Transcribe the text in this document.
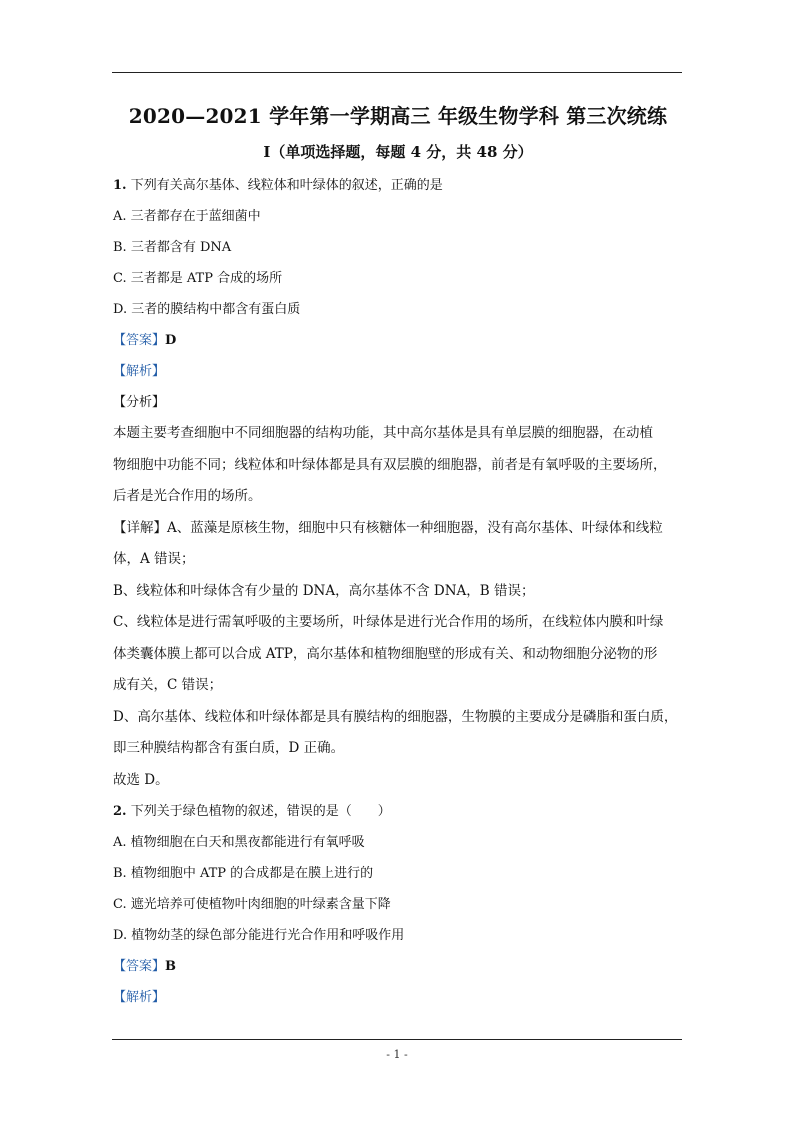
2020—2021 学年第一学期高三 年级生物学科 第三次统练
Ⅰ（单项选择题，每题 4 分，共 48 分）

1. 下列有关高尔基体、线粒体和叶绿体的叙述，正确的是

A. 三者都存在于蓝细菌中

B. 三者都含有 DNA

C. 三者都是 ATP 合成的场所

D. 三者的膜结构中都含有蛋白质

【答案】D

【解析】

【分析】

本题主要考查细胞中不同细胞器的结构功能，其中高尔基体是具有单层膜的细胞器，在动植

物细胞中功能不同；线粒体和叶绿体都是具有双层膜的细胞器，前者是有氧呼吸的主要场所，

后者是光合作用的场所。

【详解】A、蓝藻是原核生物，细胞中只有核糖体一种细胞器，没有高尔基体、叶绿体和线粒

体，A 错误；

B、线粒体和叶绿体含有少量的 DNA，高尔基体不含 DNA，B 错误；

C、线粒体是进行需氧呼吸的主要场所，叶绿体是进行光合作用的场所，在线粒体内膜和叶绿

体类囊体膜上都可以合成 ATP，高尔基体和植物细胞壁的形成有关、和动物细胞分泌物的形

成有关，C 错误；

D、高尔基体、线粒体和叶绿体都是具有膜结构的细胞器，生物膜的主要成分是磷脂和蛋白质，

即三种膜结构都含有蛋白质，D 正确。

故选 D。

2. 下列关于绿色植物的叙述，错误的是（　　）

A. 植物细胞在白天和黑夜都能进行有氧呼吸

B. 植物细胞中 ATP 的合成都是在膜上进行的

C. 遮光培养可使植物叶肉细胞的叶绿素含量下降

D. 植物幼茎的绿色部分能进行光合作用和呼吸作用

【答案】B

【解析】

- 1 -
